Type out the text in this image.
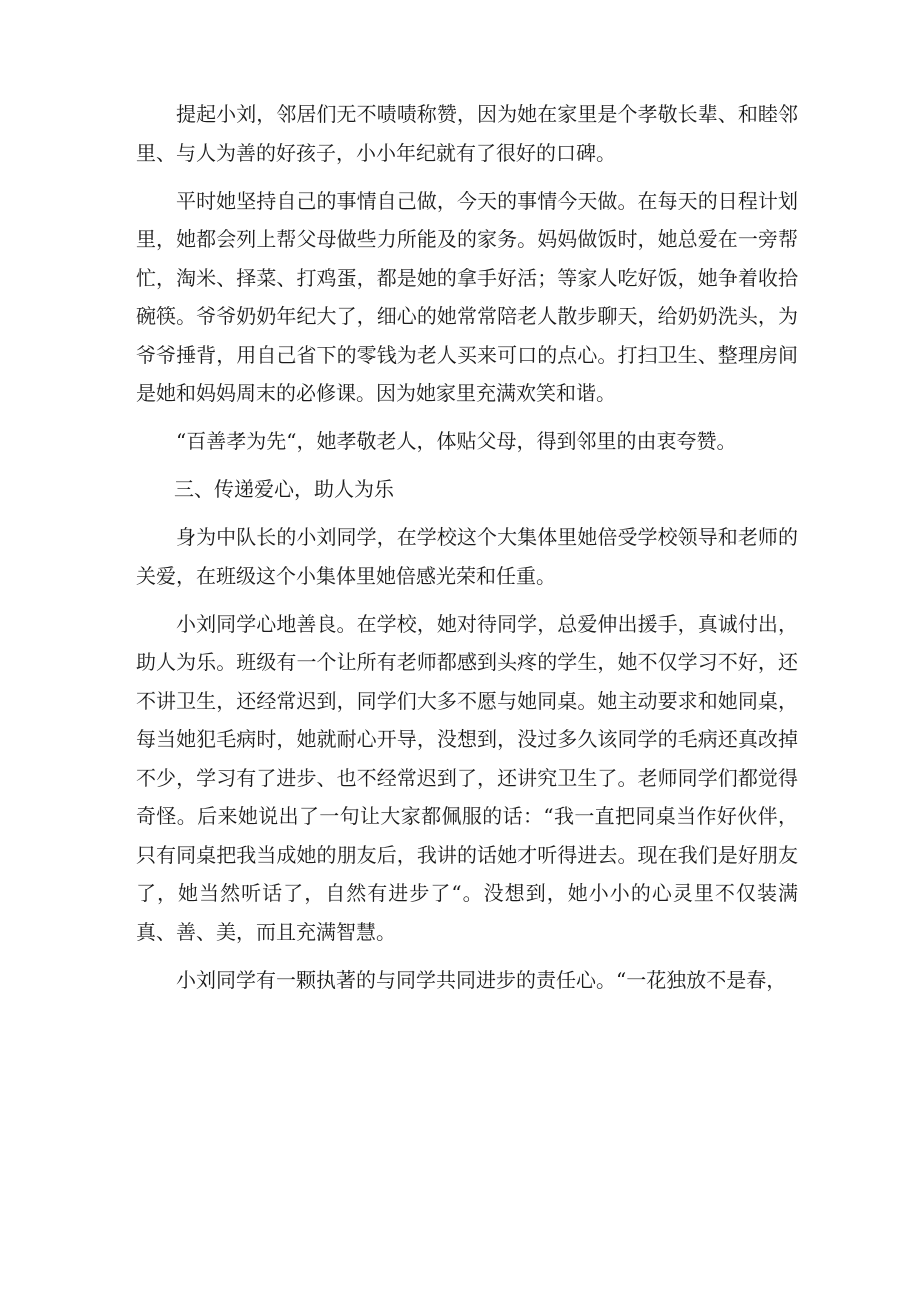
提起小刘，邻居们无不啧啧称赞，因为她在家里是个孝敬长辈、和睦邻里、与人为善的好孩子，小小年纪就有了很好的口碑。

平时她坚持自己的事情自己做，今天的事情今天做。在每天的日程计划里，她都会列上帮父母做些力所能及的家务。妈妈做饭时，她总爱在一旁帮忙，淘米、择菜、打鸡蛋，都是她的拿手好活；等家人吃好饭，她争着收拾碗筷。爷爷奶奶年纪大了，细心的她常常陪老人散步聊天，给奶奶洗头，为爷爷捶背，用自己省下的零钱为老人买来可口的点心。打扫卫生、整理房间是她和妈妈周末的必修课。因为她家里充满欢笑和谐。

“百善孝为先“，她孝敬老人，体贴父母，得到邻里的由衷夸赞。

三、传递爱心，助人为乐

身为中队长的小刘同学，在学校这个大集体里她倍受学校领导和老师的关爱，在班级这个小集体里她倍感光荣和任重。

小刘同学心地善良。在学校，她对待同学，总爱伸出援手，真诚付出，助人为乐。班级有一个让所有老师都感到头疼的学生，她不仅学习不好，还不讲卫生，还经常迟到，同学们大多不愿与她同桌。她主动要求和她同桌，每当她犯毛病时，她就耐心开导，没想到，没过多久该同学的毛病还真改掉不少，学习有了进步、也不经常迟到了，还讲究卫生了。老师同学们都觉得奇怪。后来她说出了一句让大家都佩服的话：“我一直把同桌当作好伙伴，只有同桌把我当成她的朋友后，我讲的话她才听得进去。现在我们是好朋友了，她当然听话了，自然有进步了“。没想到，她小小的心灵里不仅装满真、善、美，而且充满智慧。

小刘同学有一颗执著的与同学共同进步的责任心。“一花独放不是春，
